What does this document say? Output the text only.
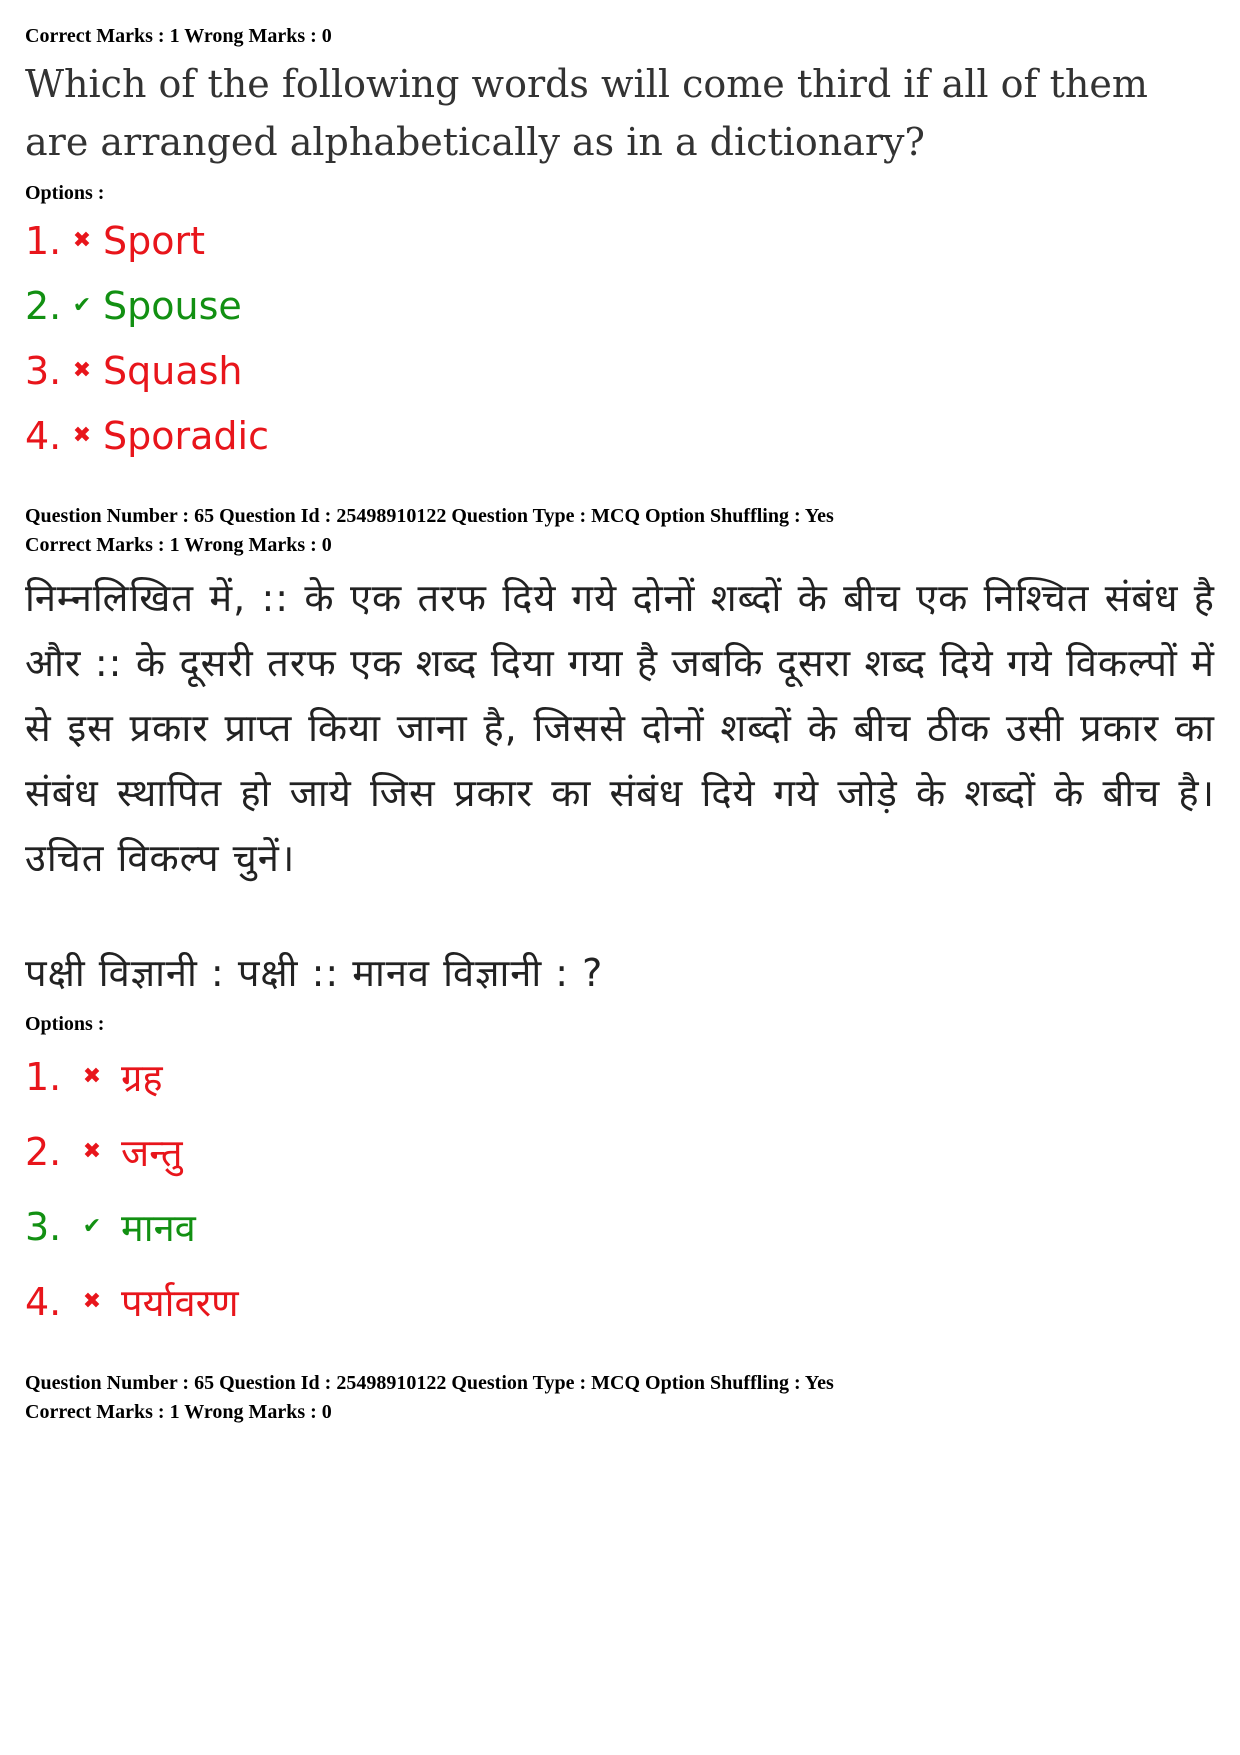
Correct Marks : 1 Wrong Marks : 0
Which of the following words will come third if all of them are arranged alphabetically as in a dictionary?
Options :
1. ✖ Sport
2. ✔ Spouse
3. ✖ Squash
4. ✖ Sporadic
Question Number : 65 Question Id : 25498910122 Question Type : MCQ Option Shuffling : Yes
Correct Marks : 1 Wrong Marks : 0
निम्नलिखित में, :: के एक तरफ दिये गये दोनों शब्दों के बीच एक निश्चित संबंध है और :: के दूसरी तरफ एक शब्द दिया गया है जबकि दूसरा शब्द दिये गये विकल्पों में से इस प्रकार प्राप्त किया जाना है, जिससे दोनों शब्दों के बीच ठीक उसी प्रकार का संबंध स्थापित हो जाये जिस प्रकार का संबंध दिये गये जोड़े के शब्दों के बीच है। उचित विकल्प चुनें।
पक्षी विज्ञानी : पक्षी :: मानव विज्ञानी : ?
Options :
1. ✖ ग्रह
2. ✖ जन्तु
3. ✔ मानव
4. ✖ पर्यावरण
Question Number : 65 Question Id : 25498910122 Question Type : MCQ Option Shuffling : Yes
Correct Marks : 1 Wrong Marks : 0
